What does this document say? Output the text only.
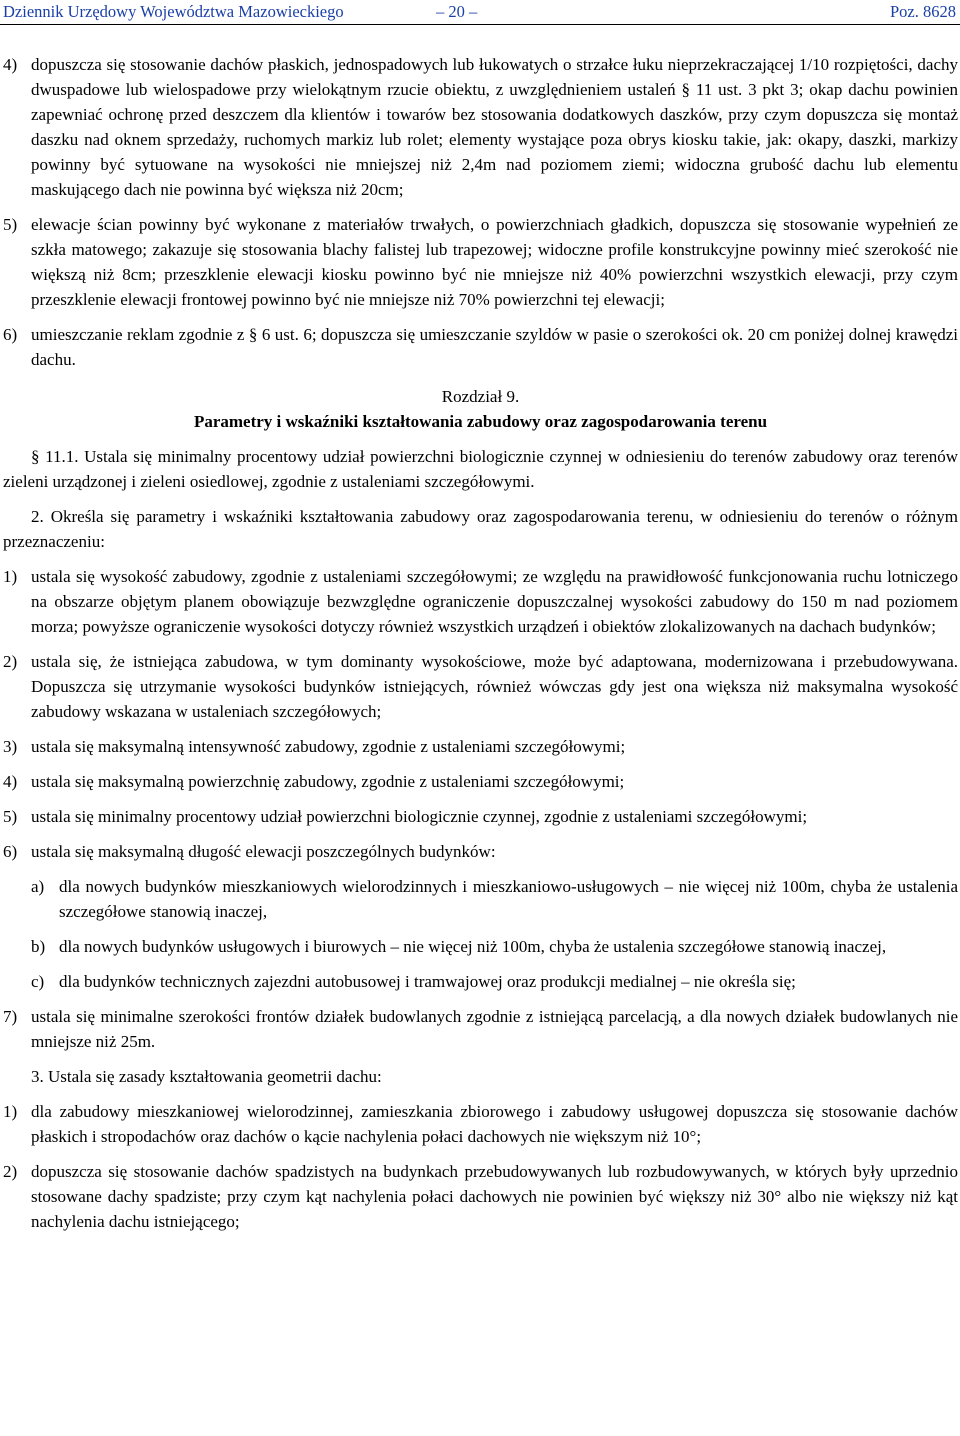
Dziennik Urzędowy Województwa Mazowieckiego	– 20 –	Poz. 8628
4) dopuszcza się stosowanie dachów płaskich, jednospadowych lub łukowatych o strzałce łuku nieprzekraczającej 1/10 rozpiętości, dachy dwuspadowe lub wielospadowe przy wielokątnym rzucie obiektu, z uwzględnieniem ustaleń § 11 ust. 3 pkt 3; okap dachu powinien zapewniać ochronę przed deszczem dla klientów i towarów bez stosowania dodatkowych daszków, przy czym dopuszcza się montaż daszku nad oknem sprzedaży, ruchomych markiz lub rolet; elementy wystające poza obrys kiosku takie, jak: okapy, daszki, markizy powinny być sytuowane na wysokości nie mniejszej niż 2,4m nad poziomem ziemi; widoczna grubość dachu lub elementu maskującego dach nie powinna być większa niż 20cm;
5) elewacje ścian powinny być wykonane z materiałów trwałych, o powierzchniach gładkich, dopuszcza się stosowanie wypełnień ze szkła matowego; zakazuje się stosowania blachy falistej lub trapezowej; widoczne profile konstrukcyjne powinny mieć szerokość nie większą niż 8cm; przeszklenie elewacji kiosku powinno być nie mniejsze niż 40% powierzchni wszystkich elewacji, przy czym przeszklenie elewacji frontowej powinno być nie mniejsze niż 70% powierzchni tej elewacji;
6) umieszczanie reklam zgodnie z § 6 ust. 6; dopuszcza się umieszczanie szyldów w pasie o szerokości ok. 20 cm poniżej dolnej krawędzi dachu.
Rozdział 9.
Parametry i wskaźniki kształtowania zabudowy oraz zagospodarowania terenu
§ 11.1. Ustala się minimalny procentowy udział powierzchni biologicznie czynnej w odniesieniu do terenów zabudowy oraz terenów zieleni urządzonej i zieleni osiedlowej, zgodnie z ustaleniami szczegółowymi.
2. Określa się parametry i wskaźniki kształtowania zabudowy oraz zagospodarowania terenu, w odniesieniu do terenów o różnym przeznaczeniu:
1) ustala się wysokość zabudowy, zgodnie z ustaleniami szczegółowymi; ze względu na prawidłowość funkcjonowania ruchu lotniczego na obszarze objętym planem obowiązuje bezwzględne ograniczenie dopuszczalnej wysokości zabudowy do 150 m nad poziomem morza; powyższe ograniczenie wysokości dotyczy również wszystkich urządzeń i obiektów zlokalizowanych na dachach budynków;
2) ustala się, że istniejąca zabudowa, w tym dominanty wysokościowe, może być adaptowana, modernizowana i przebudowywana. Dopuszcza się utrzymanie wysokości budynków istniejących, również wówczas gdy jest ona większa niż maksymalna wysokość zabudowy wskazana w ustaleniach szczegółowych;
3) ustala się maksymalną intensywność zabudowy, zgodnie z ustaleniami szczegółowymi;
4) ustala się maksymalną powierzchnię zabudowy, zgodnie z ustaleniami szczegółowymi;
5) ustala się minimalny procentowy udział powierzchni biologicznie czynnej, zgodnie z ustaleniami szczegółowymi;
6) ustala się maksymalną długość elewacji poszczególnych budynków:
a) dla nowych budynków mieszkaniowych wielorodzinnych i mieszkaniowo-usługowych – nie więcej niż 100m, chyba że ustalenia szczegółowe stanowią inaczej,
b) dla nowych budynków usługowych i biurowych – nie więcej niż 100m, chyba że ustalenia szczegółowe stanowią inaczej,
c) dla budynków technicznych zajezdni autobusowej i tramwajowej oraz produkcji medialnej – nie określa się;
7) ustala się minimalne szerokości frontów działek budowlanych zgodnie z istniejącą parcelacją, a dla nowych działek budowlanych nie mniejsze niż 25m.
3. Ustala się zasady kształtowania geometrii dachu:
1) dla zabudowy mieszkaniowej wielorodzinnej, zamieszkania zbiorowego i zabudowy usługowej dopuszcza się stosowanie dachów płaskich i stropodachów oraz dachów o kącie nachylenia połaci dachowych nie większym niż 10°;
2) dopuszcza się stosowanie dachów spadzistych na budynkach przebudowywanych lub rozbudowywanych, w których były uprzednio stosowane dachy spadziste; przy czym kąt nachylenia połaci dachowych nie powinien być większy niż 30° albo nie większy niż kąt nachylenia dachu istniejącego;
